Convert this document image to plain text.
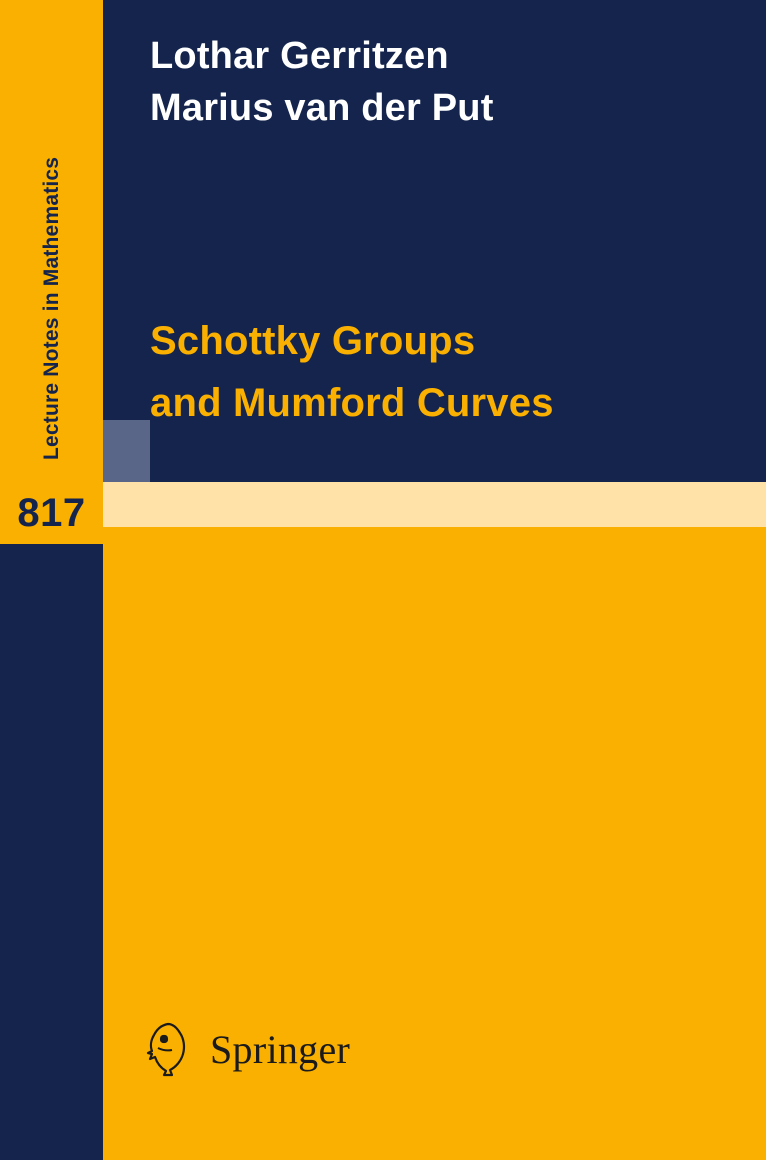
Lecture Notes in Mathematics
817
Lothar Gerritzen
Marius van der Put
Schottky Groups
and Mumford Curves
Springer
